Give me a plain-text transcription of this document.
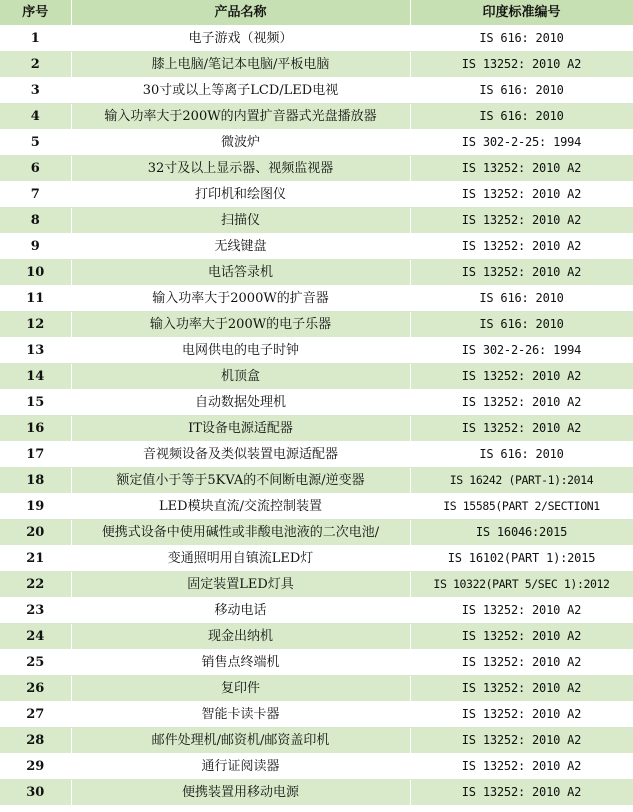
序号	产品名称	印度标准编号
1	电子游戏（视频）	IS 616: 2010
2	膝上电脑/笔记本电脑/平板电脑	IS 13252: 2010 A2
3	30寸或以上等离子LCD/LED电视	IS 616: 2010
4	输入功率大于200W的内置扩音器式光盘播放器	IS 616: 2010
5	微波炉	IS 302-2-25: 1994
6	32寸及以上显示器、视频监视器	IS 13252: 2010 A2
7	打印机和绘图仪	IS 13252: 2010 A2
8	扫描仪	IS 13252: 2010 A2
9	无线键盘	IS 13252: 2010 A2
10	电话答录机	IS 13252: 2010 A2
11	输入功率大于2000W的扩音器	IS 616: 2010
12	输入功率大于200W的电子乐器	IS 616: 2010
13	电网供电的电子时钟	IS 302-2-26: 1994
14	机顶盒	IS 13252: 2010 A2
15	自动数据处理机	IS 13252: 2010 A2
16	IT设备电源适配器	IS 13252: 2010 A2
17	音视频设备及类似装置电源适配器	IS 616: 2010
18	额定值小于等于5KVA的不间断电源/逆变器	IS 16242 (PART-1):2014
19	LED模块直流/交流控制装置	IS 15585(PART 2/SECTION1
20	便携式设备中使用碱性或非酸电池液的二次电池/	IS 16046:2015
21	变通照明用自镇流LED灯	IS 16102(PART 1):2015
22	固定装置LED灯具	IS 10322(PART 5/SEC 1):2012
23	移动电话	IS 13252: 2010 A2
24	现金出纳机	IS 13252: 2010 A2
25	销售点终端机	IS 13252: 2010 A2
26	复印件	IS 13252: 2010 A2
27	智能卡读卡器	IS 13252: 2010 A2
28	邮件处理机/邮资机/邮资盖印机	IS 13252: 2010 A2
29	通行证阅读器	IS 13252: 2010 A2
30	便携装置用移动电源	IS 13252: 2010 A2
